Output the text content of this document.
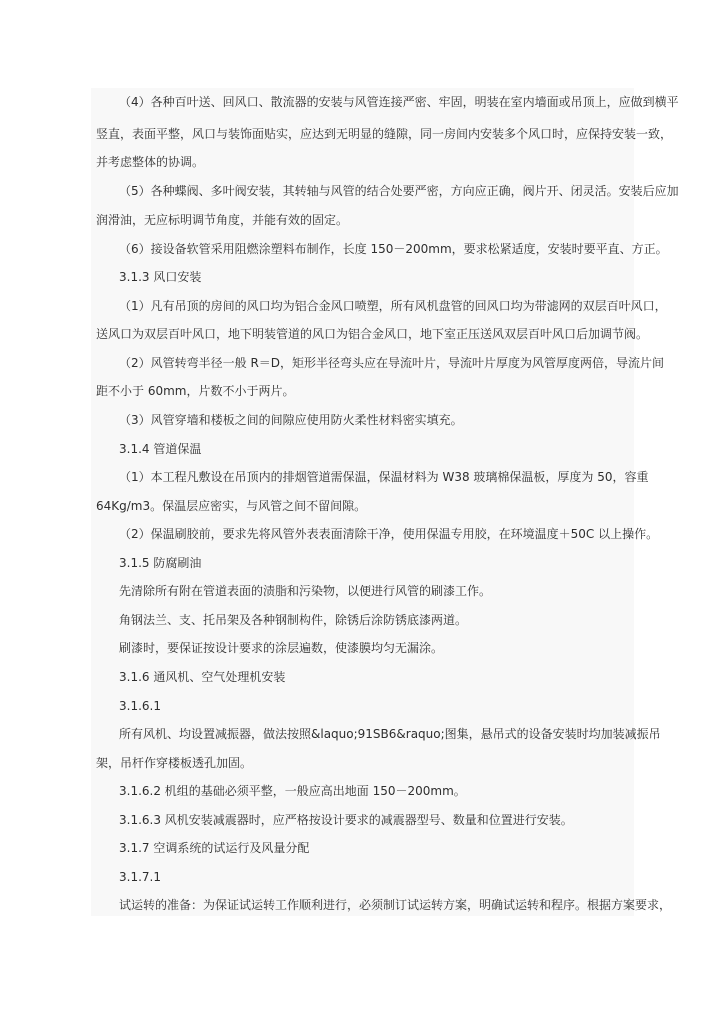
（4）各种百叶送、回风口、散流器的安装与风管连接严密、牢固，明装在室内墙面或吊顶上，应做到横平
竖直，表面平整，风口与装饰面贴实，应达到无明显的缝隙，同一房间内安装多个风口时，应保持安装一致，
并考虑整体的协调。
（5）各种蝶阀、多叶阀安装，其转轴与风管的结合处要严密，方向应正确，阀片开、闭灵活。安装后应加
润滑油，无应标明调节角度，并能有效的固定。
（6）接设备软管采用阻燃涂塑料布制作，长度 150－200mm，要求松紧适度，安装时要平直、方正。
3.1.3 风口安装
（1）凡有吊顶的房间的风口均为铝合金风口喷塑，所有风机盘管的回风口均为带滤网的双层百叶风口，
送风口为双层百叶风口，地下明装管道的风口为铝合金风口，地下室正压送风双层百叶风口后加调节阀。
（2）风管转弯半径一般 R＝D，矩形半径弯头应在导流叶片，导流叶片厚度为风管厚度两倍，导流片间
距不小于 60mm，片数不小于两片。
（3）风管穿墙和楼板之间的间隙应使用防火柔性材料密实填充。
3.1.4 管道保温
（1）本工程凡敷设在吊顶内的排烟管道需保温，保温材料为 W38 玻璃棉保温板，厚度为 50，容重
64Kg/m3。保温层应密实，与风管之间不留间隙。
（2）保温刷胶前，要求先将风管外表表面清除干净，使用保温专用胶，在环境温度＋50C 以上操作。
3.1.5 防腐刷油
先清除所有附在管道表面的渍脂和污染物，以便进行风管的刷漆工作。
角钢法兰、支、托吊架及各种钢制构件，除锈后涂防锈底漆两道。
刷漆时，要保证按设计要求的涂层遍数，使漆膜均匀无漏涂。
3.1.6 通风机、空气处理机安装
3.1.6.1
所有风机、均设置减振器，做法按照&laquo;91SB6&raquo;图集，悬吊式的设备安装时均加装减振吊
架，吊杆作穿楼板透孔加固。
3.1.6.2 机组的基础必须平整，一般应高出地面 150－200mm。
3.1.6.3 风机安装减震器时，应严格按设计要求的减震器型号、数量和位置进行安装。
3.1.7 空调系统的试运行及风量分配
3.1.7.1
试运转的准备：为保证试运转工作顺利进行，必须制订试运转方案，明确试运转和程序。根据方案要求，
